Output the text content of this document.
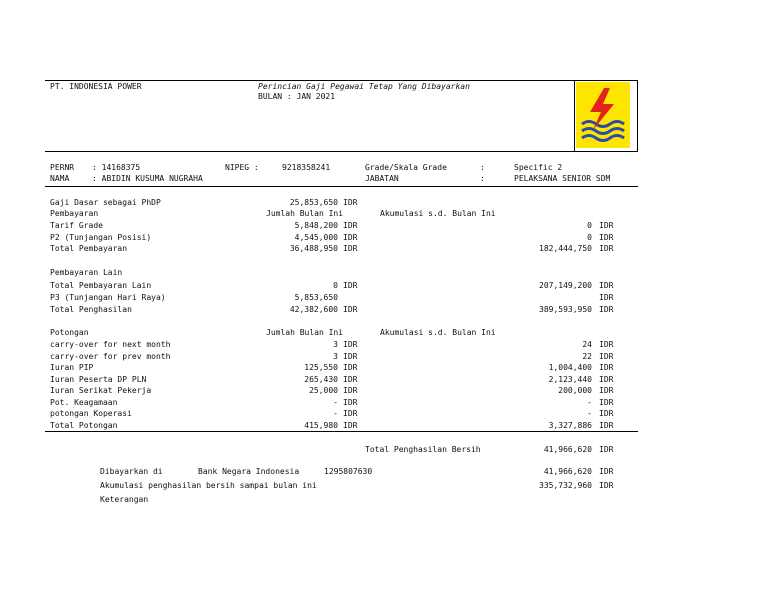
PT. INDONESIA POWER	Perincian Gaji Pegawai Tetap Yang Dibayarkan
BULAN : JAN 2021
PERNR : 14168375	NIPEG :	9218358241	Grade/Skala Grade	:	Specific 2
NAMA	: ABIDIN KUSUMA NUGRAHA	JABATAN	:	PELAKSANA SENIOR SDM
Gaji Dasar sebagai PhDP	25,853,650 IDR
Pembayaran	Jumlah Bulan Ini	Akumulasi s.d. Bulan Ini
Tarif Grade	5,848,200 IDR	0 IDR
P2 (Tunjangan Posisi)	4,545,000 IDR	0 IDR
Total Pembayaran	36,488,950 IDR	182,444,750 IDR
Pembayaran Lain
Total Pembayaran Lain	0 IDR	207,149,200 IDR
P3 (Tunjangan Hari Raya)	5,853,650	IDR
Total Penghasilan	42,382,600 IDR	389,593,950 IDR
Potongan	Jumlah Bulan Ini	Akumulasi s.d. Bulan Ini
carry-over for next month	3 IDR	24 IDR
carry-over for prev month	3 IDR	22 IDR
Iuran PIP	125,550 IDR	1,004,400 IDR
Iuran Peserta DP PLN	265,430 IDR	2,123,440 IDR
Iuran Serikat Pekerja	25,000 IDR	200,000 IDR
Pot. Keagamaan	- IDR	- IDR
potongan Koperasi	- IDR	- IDR
Total Potongan	415,980 IDR	3,327,886 IDR
Total Penghasilan Bersih	41,966,620 IDR
Dibayarkan di	Bank Negara Indonesia	1295807630	41,966,620 IDR
Akumulasi penghasilan bersih sampai bulan ini	335,732,960 IDR
Keterangan
